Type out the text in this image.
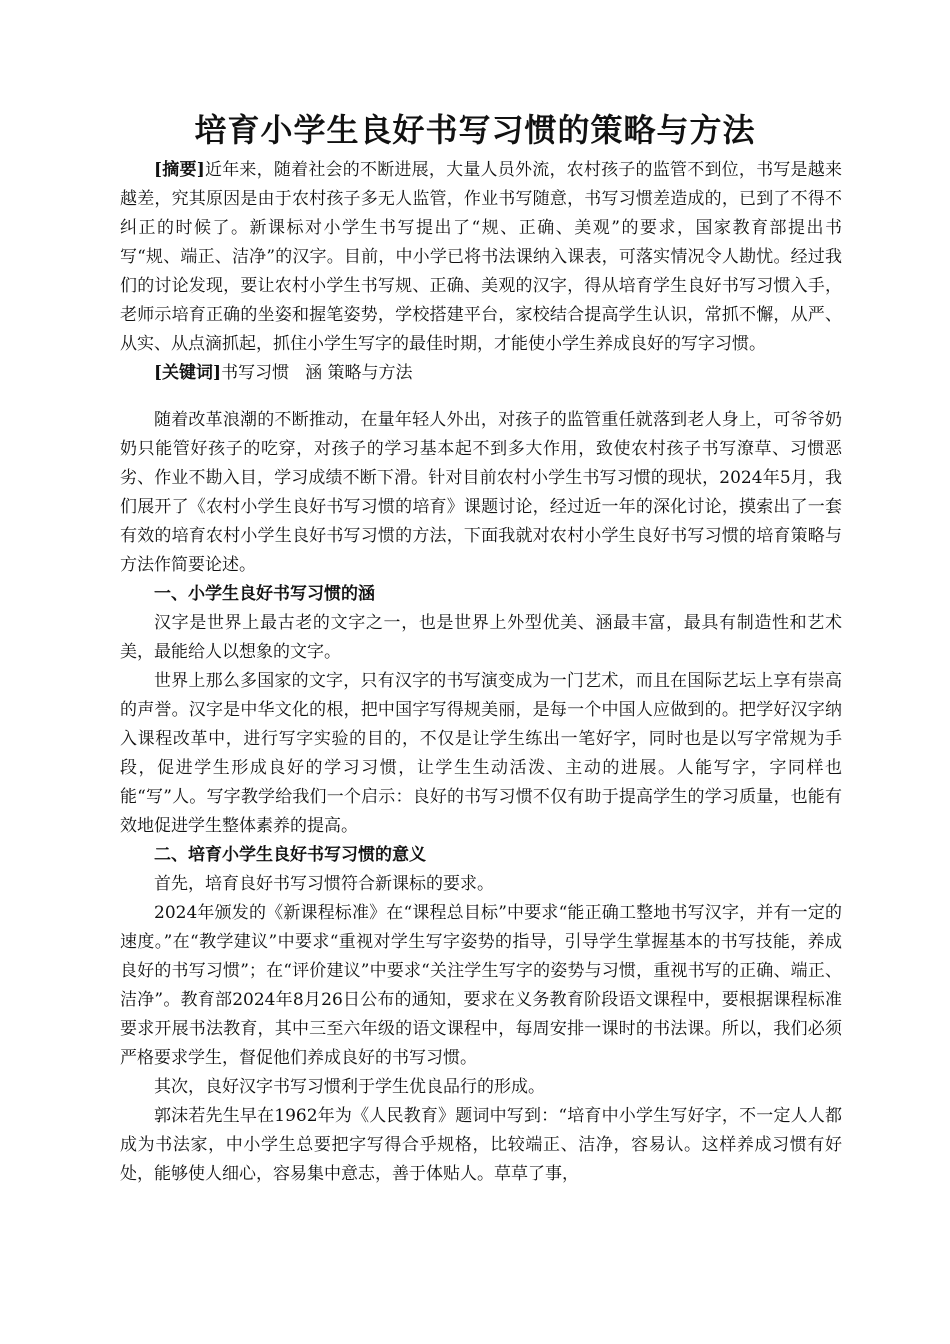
培育小学生良好书写习惯的策略与方法

[摘要]近年来，随着社会的不断进展，大量人员外流，农村孩子的监管不到位，书写是越来越差，究其原因是由于农村孩子多无人监管，作业书写随意，书写习惯差造成的，已到了不得不纠正的时候了。新课标对小学生书写提出了“规、正确、美观”的要求，国家教育部提出书写“规、端正、洁净”的汉字。目前，中小学已将书法课纳入课表，可落实情况令人勘忧。经过我们的讨论发现，要让农村小学生书写规、正确、美观的汉字，得从培育学生良好书写习惯入手，老师示培育正确的坐姿和握笔姿势，学校搭建平台，家校结合提高学生认识，常抓不懈，从严、从实、从点滴抓起，抓住小学生写字的最佳时期，才能使小学生养成良好的写字习惯。

[关键词]书写习惯 涵 策略与方法

随着改革浪潮的不断推动，在量年轻人外出，对孩子的监管重任就落到老人身上，可爷爷奶奶只能管好孩子的吃穿，对孩子的学习基本起不到多大作用，致使农村孩子书写潦草、习惯恶劣、作业不勘入目，学习成绩不断下滑。针对目前农村小学生书写习惯的现状，2024年5月，我们展开了《农村小学生良好书写习惯的培育》课题讨论，经过近一年的深化讨论，摸索出了一套有效的培育农村小学生良好书写习惯的方法，下面我就对农村小学生良好书写习惯的培育策略与方法作简要论述。

一、小学生良好书写习惯的涵

汉字是世界上最古老的文字之一，也是世界上外型优美、涵最丰富，最具有制造性和艺术美，最能给人以想象的文字。

世界上那么多国家的文字，只有汉字的书写演变成为一门艺术，而且在国际艺坛上享有崇高的声誉。汉字是中华文化的根，把中国字写得规美丽，是每一个中国人应做到的。把学好汉字纳入课程改革中，进行写字实验的目的，不仅是让学生练出一笔好字，同时也是以写字常规为手段，促进学生形成良好的学习习惯，让学生生动活泼、主动的进展。人能写字，字同样也能“写”人。写字教学给我们一个启示：良好的书写习惯不仅有助于提高学生的学习质量，也能有效地促进学生整体素养的提高。

二、培育小学生良好书写习惯的意义

首先，培育良好书写习惯符合新课标的要求。

2024年颁发的《新课程标准》在“课程总目标”中要求“能正确工整地书写汉字，并有一定的速度。”在“教学建议”中要求“重视对学生写字姿势的指导，引导学生掌握基本的书写技能，养成良好的书写习惯”；在“评价建议”中要求“关注学生写字的姿势与习惯，重视书写的正确、端正、洁净”。教育部2024年8月26日公布的通知，要求在义务教育阶段语文课程中，要根据课程标准要求开展书法教育，其中三至六年级的语文课程中，每周安排一课时的书法课。所以，我们必须严格要求学生，督促他们养成良好的书写习惯。

其次，良好汉字书写习惯利于学生优良品行的形成。

郭沫若先生早在1962年为《人民教育》题词中写到：“培育中小学生写好字，不一定人人都成为书法家，中小学生总要把字写得合乎规格，比较端正、洁净，容易认。这样养成习惯有好处，能够使人细心，容易集中意志，善于体贴人。草草了事，
